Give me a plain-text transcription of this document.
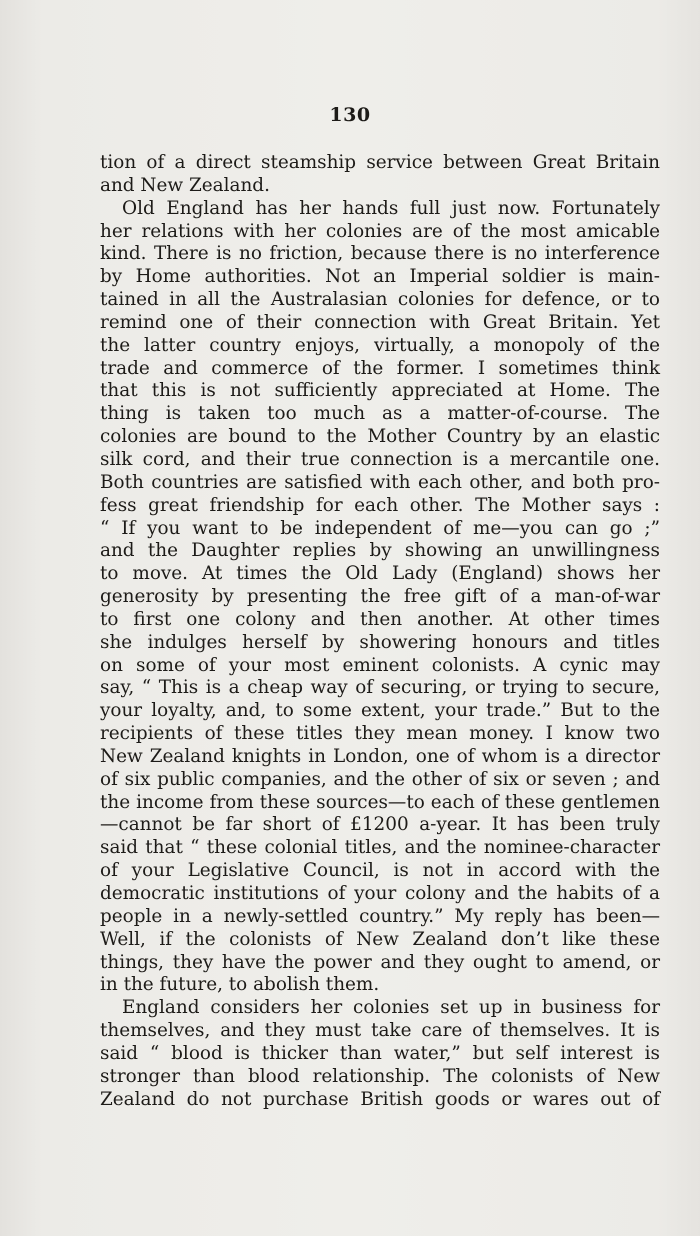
130
tion of a direct steamship service between Great Britain
and New Zealand.
Old England has her hands full just now. Fortunately
her relations with her colonies are of the most amicable
kind. There is no friction, because there is no interference
by Home authorities. Not an Imperial soldier is main-
tained in all the Australasian colonies for defence, or to
remind one of their connection with Great Britain. Yet
the latter country enjoys, virtually, a monopoly of the
trade and commerce of the former. I sometimes think
that this is not sufficiently appreciated at Home. The
thing is taken too much as a matter-of-course. The
colonies are bound to the Mother Country by an elastic
silk cord, and their true connection is a mercantile one.
Both countries are satisfied with each other, and both pro-
fess great friendship for each other. The Mother says :
“ If you want to be independent of me—you can go ;”
and the Daughter replies by showing an unwillingness
to move. At times the Old Lady (England) shows her
generosity by presenting the free gift of a man-of-war
to first one colony and then another. At other times
she indulges herself by showering honours and titles
on some of your most eminent colonists. A cynic may
say, “ This is a cheap way of securing, or trying to secure,
your loyalty, and, to some extent, your trade.” But to the
recipients of these titles they mean money. I know two
New Zealand knights in London, one of whom is a director
of six public companies, and the other of six or seven ; and
the income from these sources—to each of these gentlemen
—cannot be far short of £1200 a-year. It has been truly
said that “ these colonial titles, and the nominee-character
of your Legislative Council, is not in accord with the
democratic institutions of your colony and the habits of a
people in a newly-settled country.” My reply has been—
Well, if the colonists of New Zealand don’t like these
things, they have the power and they ought to amend, or
in the future, to abolish them.
England considers her colonies set up in business for
themselves, and they must take care of themselves. It is
said “ blood is thicker than water,” but self interest is
stronger than blood relationship. The colonists of New
Zealand do not purchase British goods or wares out of
